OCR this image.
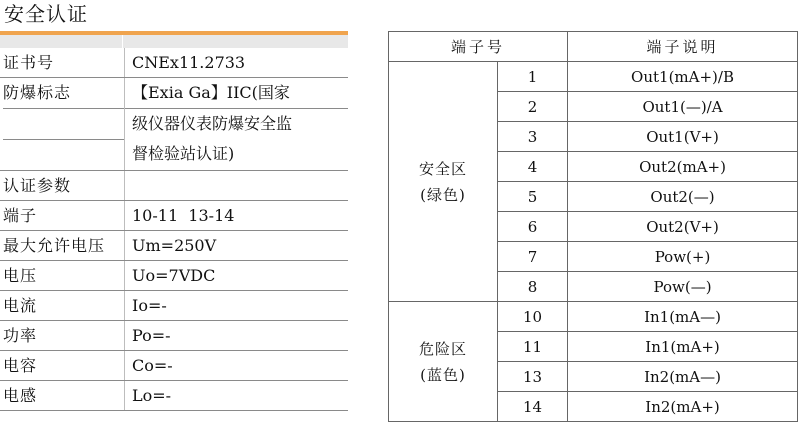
安全认证
证书号	CNEx11.2733
防爆标志	【Exia Ga】IIC(国家
级仪器仪表防爆安全监
督检验站认证)
认证参数
端子	10-11  13-14
最大允许电压	Um=250V
电压	Uo=7VDC
电流	Io=-
功率	Po=-
电容	Co=-
电感	Lo=-
端子号		端子说明

安全区
(绿色)	1	Out1(mA+)/B
	2	Out1(—)/A
	3	Out1(V+)
	4	Out2(mA+)
	5	Out2(—)
	6	Out2(V+)
	7	Pow(+)
	8	Pow(—)

危险区
(蓝色)	10	In1(mA—)
	11	In1(mA+)
	13	In2(mA—)
	14	In2(mA+)
